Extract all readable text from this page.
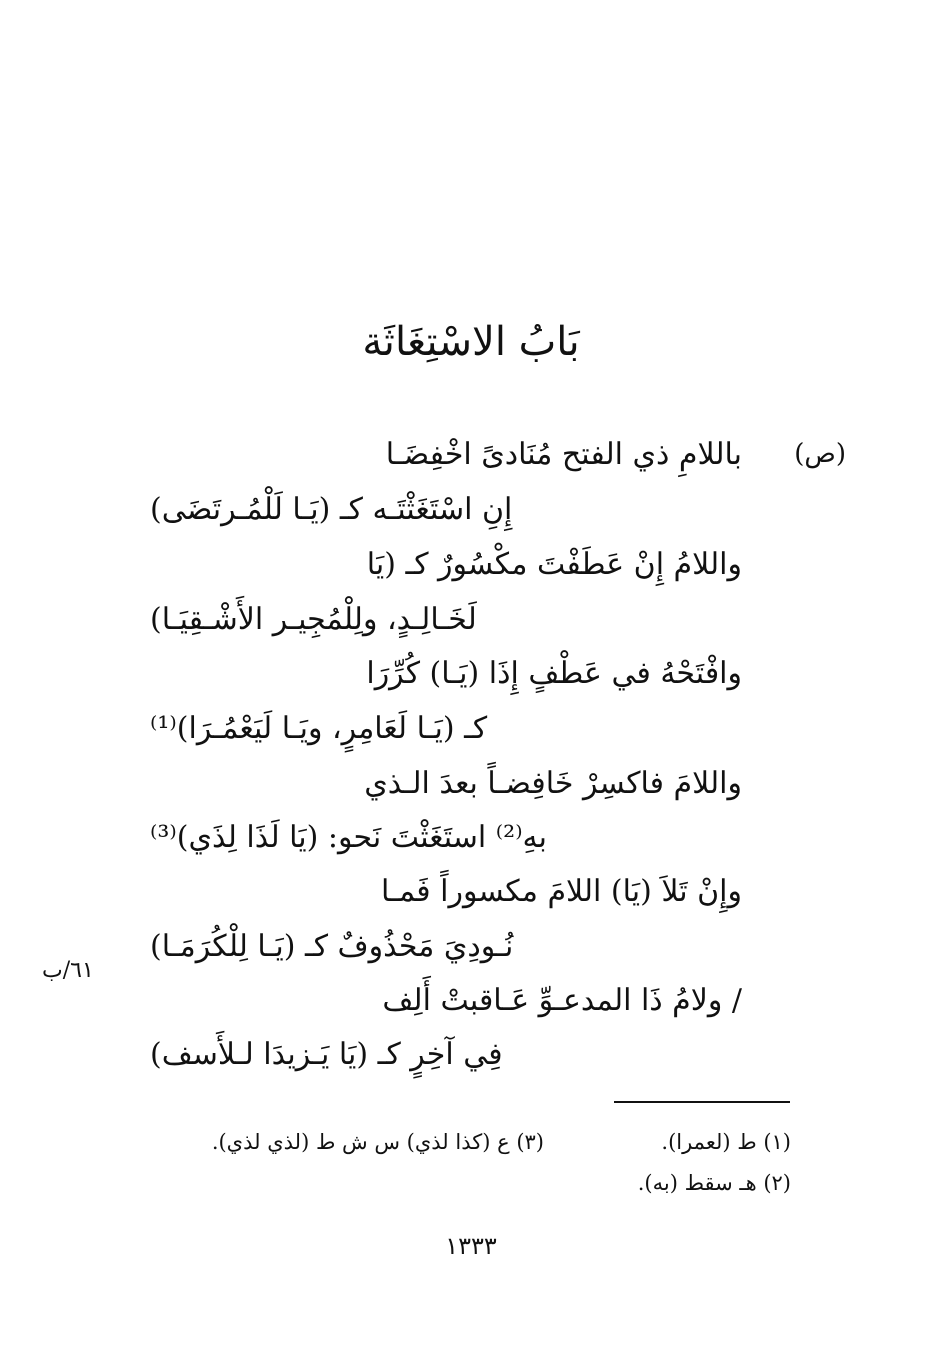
بَابُ الاسْتِغَاثَة
(ص)
باللامِ ذي الفتح مُنَادىً اخْفِضَـا
إِنِ اسْتَغَثْتَـه كـ (يَـا لَلْمُـرتَضَى)
واللامُ إِنْ عَطَفْتَ مكْسُورٌ كـ (يَا
لَخَـالِـدٍ، ولِلْمُجِيـر الأَشْـقِيَـا)
وافْتَحْهُ في عَطْفٍ إِذَا (يَـا) كُرِّرَا
كـ (يَـا لَعَامِرٍ، ويَـا لَيَعْمُـرَا)⁽¹⁾
واللامَ فاكسِرْ خَافِضـاً بعدَ الـذي
بهِ⁽²⁾ استَغَثْتَ نَحو: (يَا لَذَا لِذَي)⁽³⁾
وإِنْ تَلاَ (يَا) اللامَ مكسوراً فَمـا
نُـودِيَ مَحْذُوفٌ كـ (يَـا لِلْكُرَمَـا)
/ ولامُ ذَا المدعـوِّ عَـاقبتْ أَلِف
فِي آخِرٍ كـ (يَا يَـزيدَا لـلأَسف)
٦١/ب
(١) ط (لعمرا).
(٢) هـ سقط (به).
(٣) ع (كذا لذي) س ش ط (لذي لذي).
١٣٣٣
